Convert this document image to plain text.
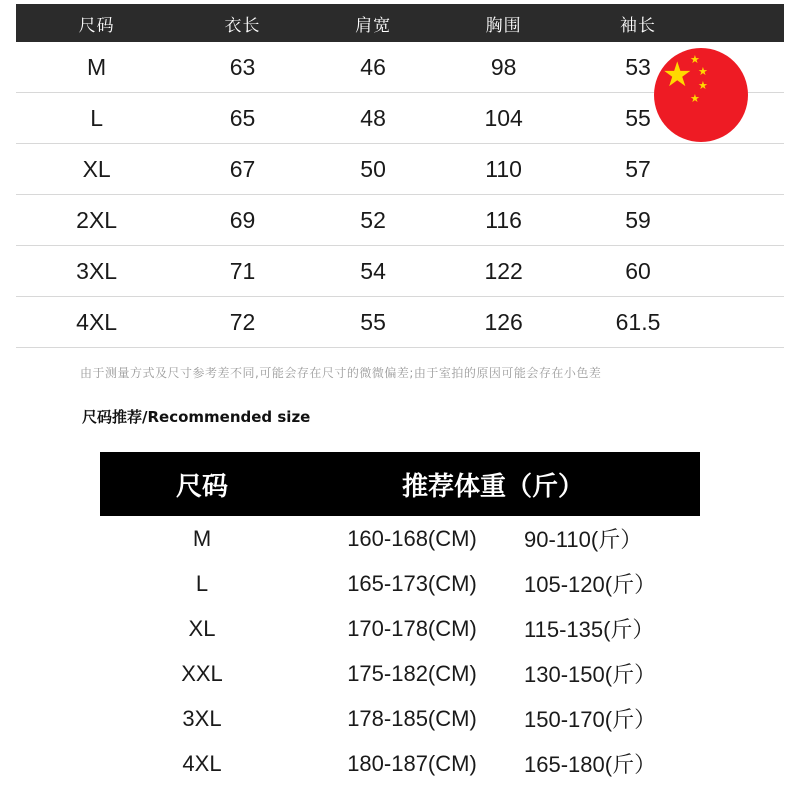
尺码	衣长	肩宽	胸围	袖长	
M	63	46	98	53	
L	65	48	104	55	
XL	67	50	110	57	
2XL	69	52	116	59	
3XL	71	54	122	60	
4XL	72	55	126	61.5	
★
★
★
★
★
由于测量方式及尺寸参考差不同,可能会存在尺寸的微微偏差;由于室拍的原因可能会存在小色差
尺码推荐/Recommended size
尺码	推荐体重（斤）
M	160-168(CM)	90-110(斤）
L	165-173(CM)	105-120(斤）
XL	170-178(CM)	115-135(斤）
XXL	175-182(CM)	130-150(斤）
3XL	178-185(CM)	150-170(斤）
4XL	180-187(CM)	165-180(斤）
